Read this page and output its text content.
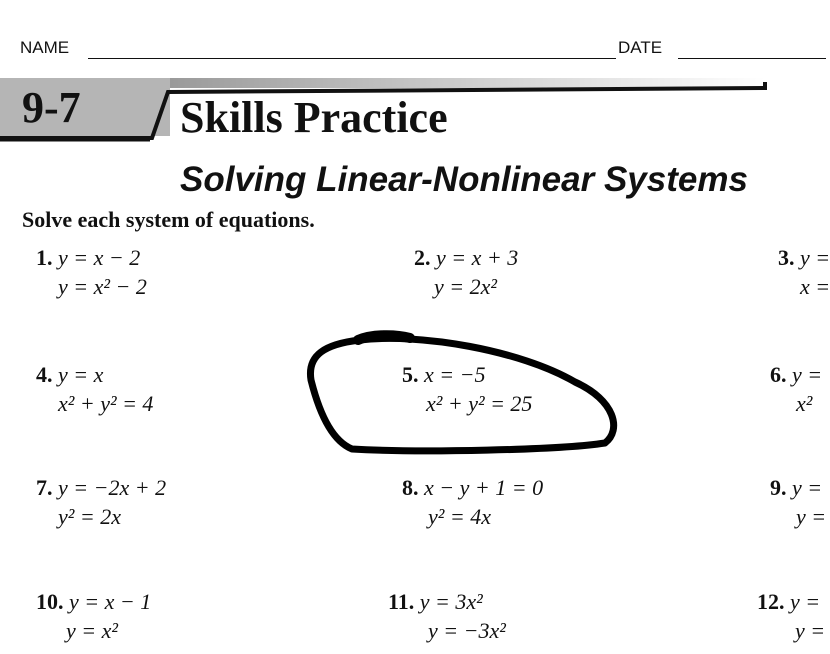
NAME	DATE
9-7 Skills Practice
Solving Linear-Nonlinear Systems
Solve each system of equations.
1. y = x − 2
y = x² − 2
2. y = x + 3
y = 2x²
3. y =
x =
4. y = x
x² + y² = 4
5. x = −5
x² + y² = 25
6. y =
x²
7. y = −2x + 2
y² = 2x
8. x − y + 1 = 0
y² = 4x
9. y =
y =
10. y = x − 1
y = x²
11. y = 3x²
y = −3x²
12. y =
y =
